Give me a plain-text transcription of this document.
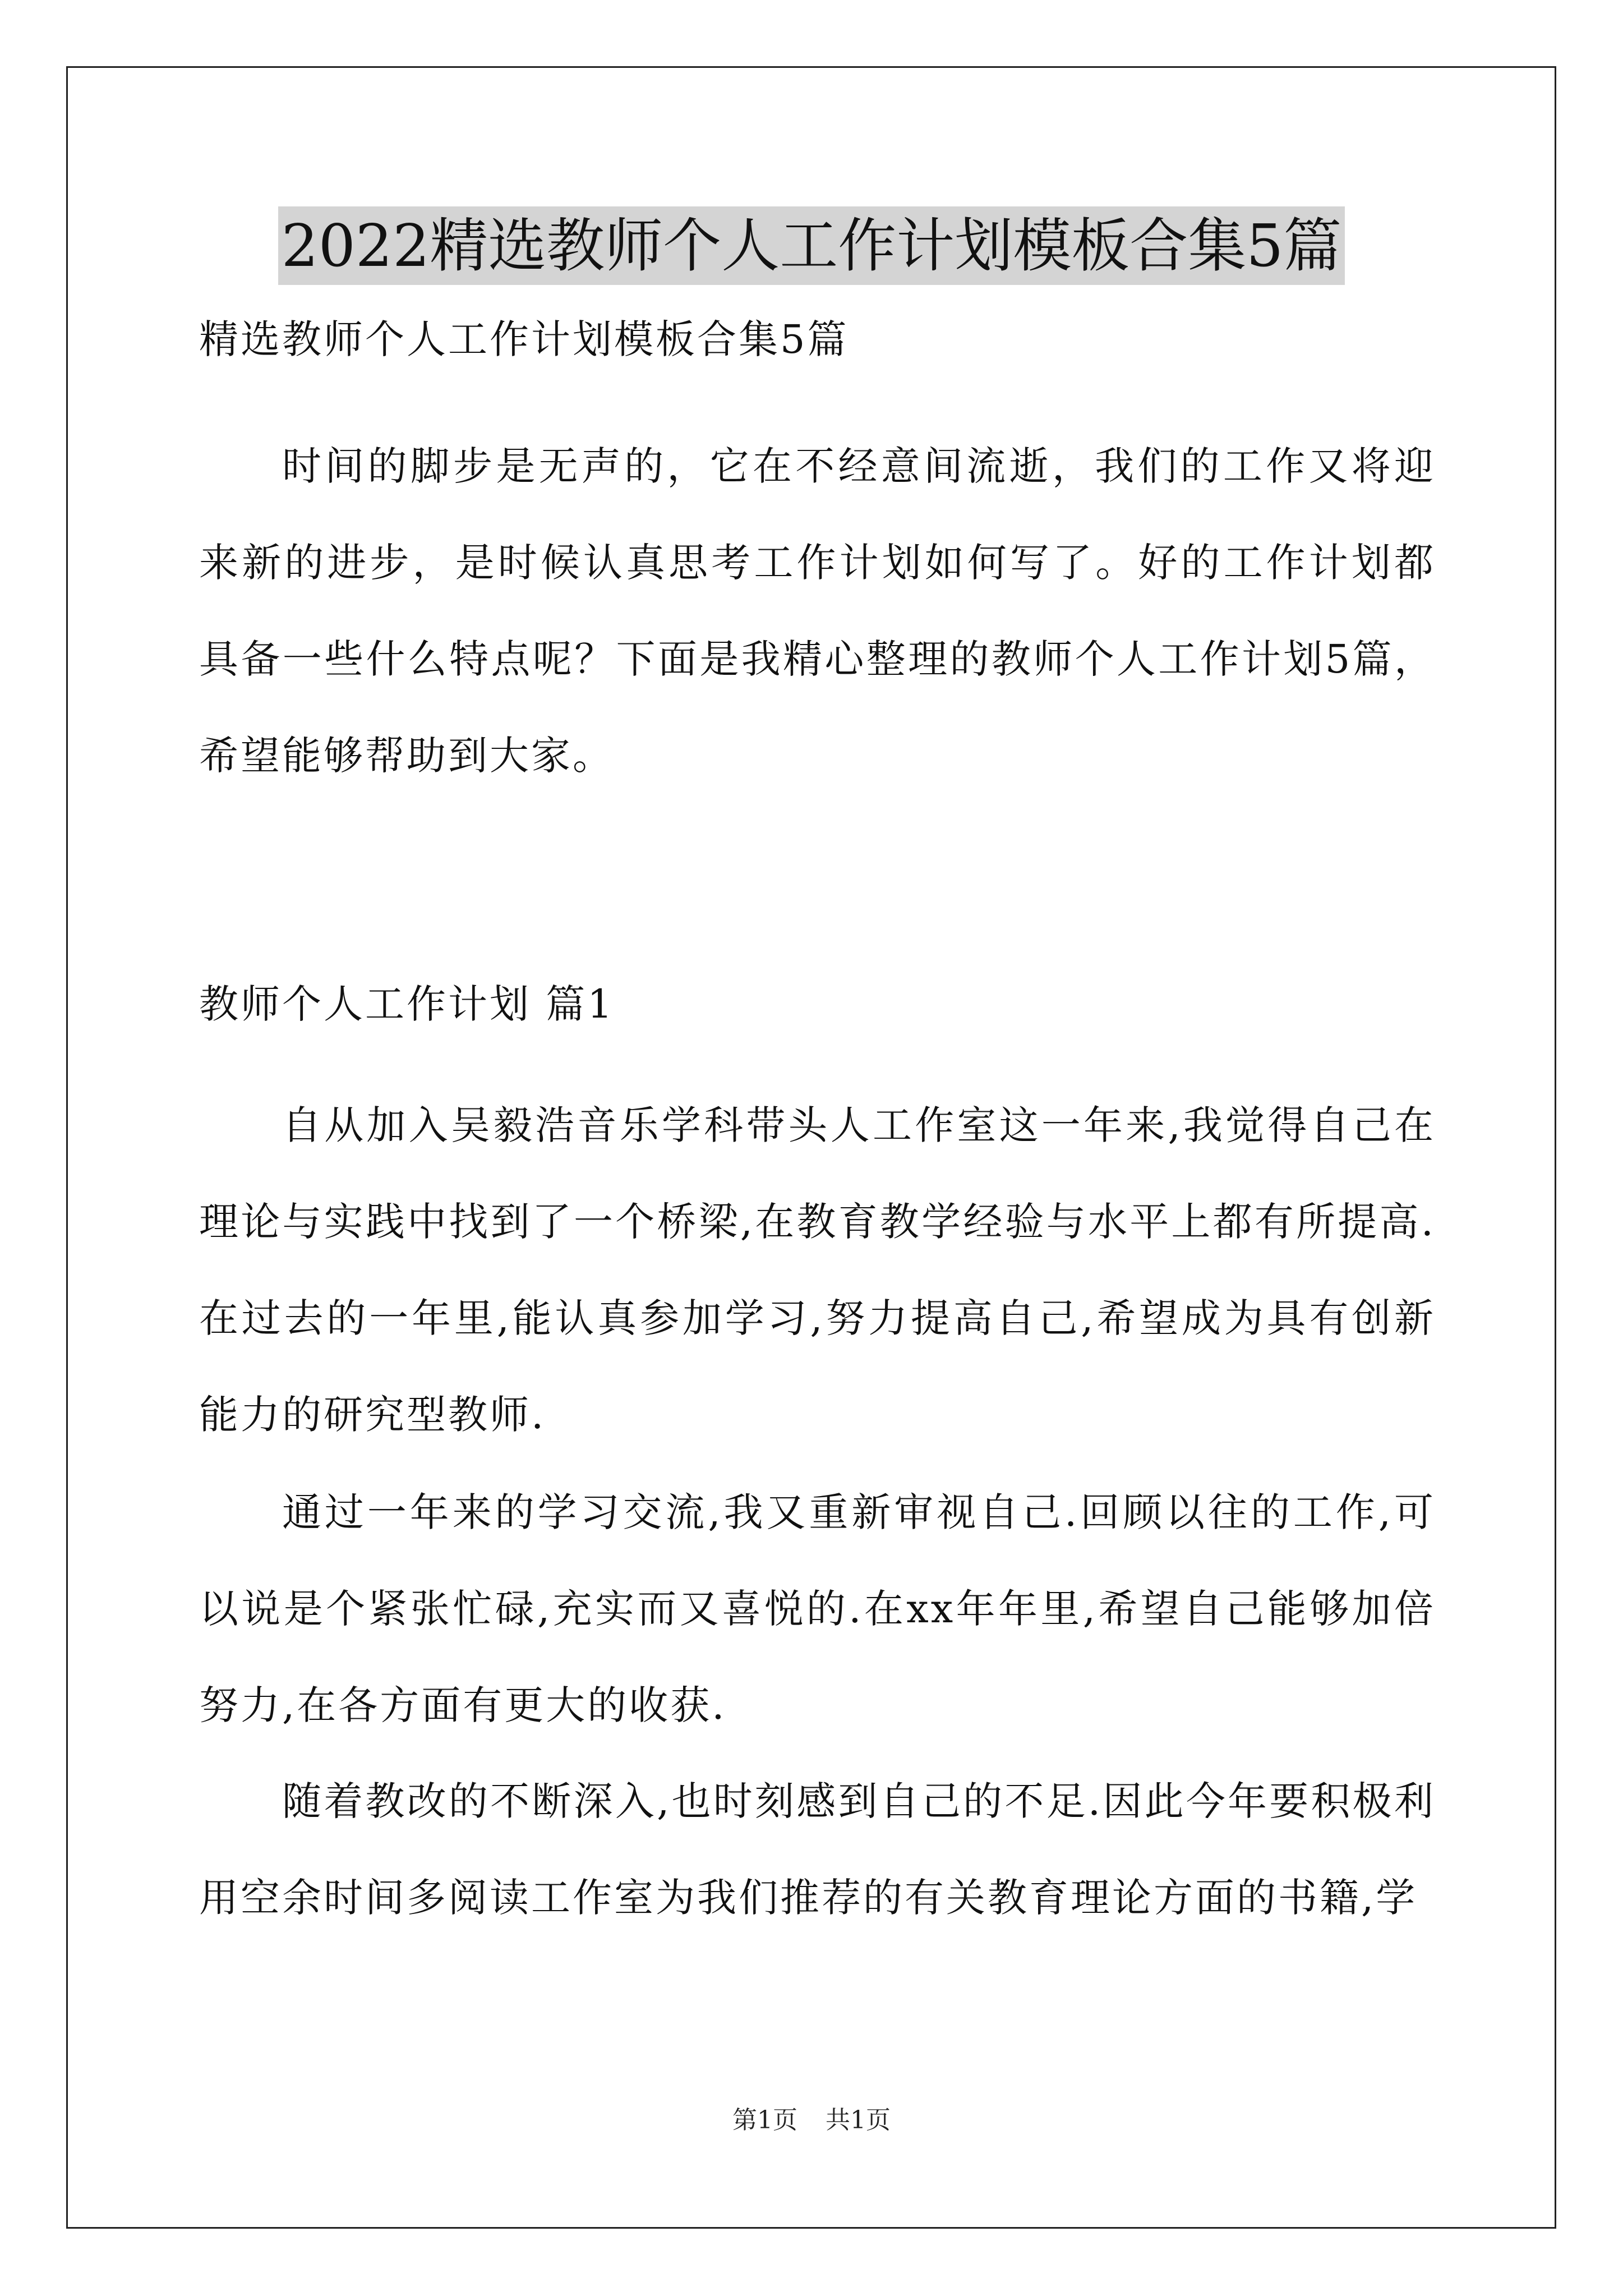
2022精选教师个人工作计划模板合集5篇
精选教师个人工作计划模板合集5篇
时间的脚步是无声的，它在不经意间流逝，我们的工作又将迎来新的进步，是时候认真思考工作计划如何写了。好的工作计划都具备一些什么特点呢？下面是我精心整理的教师个人工作计划5篇，希望能够帮助到大家。
教师个人工作计划 篇1
自从加入吴毅浩音乐学科带头人工作室这一年来,我觉得自己在理论与实践中找到了一个桥梁,在教育教学经验与水平上都有所提高.在过去的一年里,能认真参加学习,努力提高自己,希望成为具有创新能力的研究型教师.
通过一年来的学习交流,我又重新审视自己.回顾以往的工作,可以说是个紧张忙碌,充实而又喜悦的.在xx年年里,希望自己能够加倍努力,在各方面有更大的收获.
随着教改的不断深入,也时刻感到自己的不足.因此今年要积极利用空余时间多阅读工作室为我们推荐的有关教育理论方面的书籍,学
第1页 共1页
